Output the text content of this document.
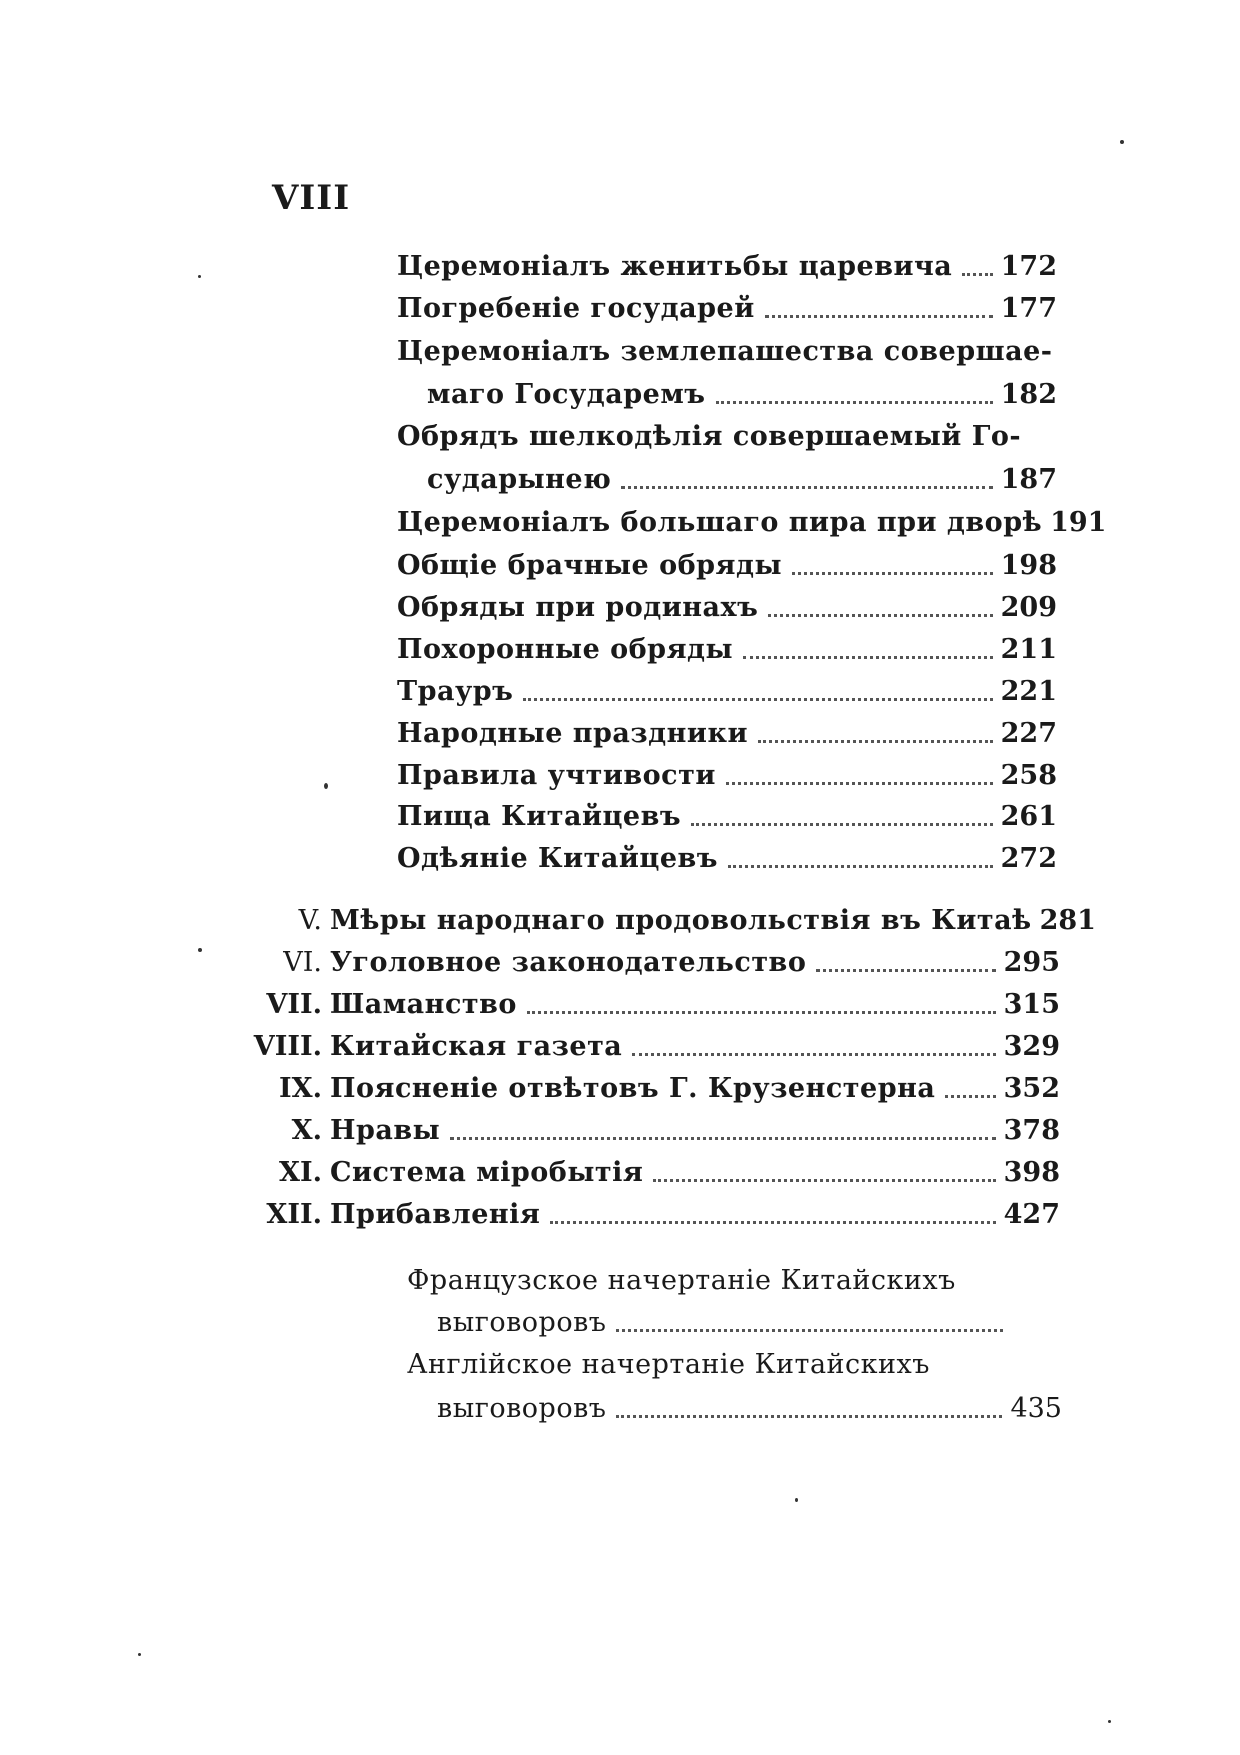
VIII
Церемоніалъ женитьбы царевича 172
Погребеніе государей	177
Церемоніалъ землепашества совершае-
маго Государемъ	182
Обрядъ шелкодѣлія совершаемый Го-
сударынею	187
Церемоніалъ большаго пира при дворѣ 191
Общіе брачные обряды	198
Обряды при родинахъ	209
Похоронные обряды	211
Трауръ	221
Народные праздники	227
Правила учтивости	258
Пища Китайцевъ	261
Одѣяніе Китайцевъ	272
V. Мѣры народнаго продовольствія въ Китаѣ 281
VI. Уголовное законодательство	295
VII. Шаманство	315
VIII. Китайская газета	329
IX. Поясненіе отвѣтовъ Г. Крузенстерна	352
X. Нравы	378
XI. Система міробытія	398
XII. Прибавленія	427
Французское начертаніе Китайскихъ
выговоровъ
Англійское начертаніе Китайскихъ
выговоровъ	435
